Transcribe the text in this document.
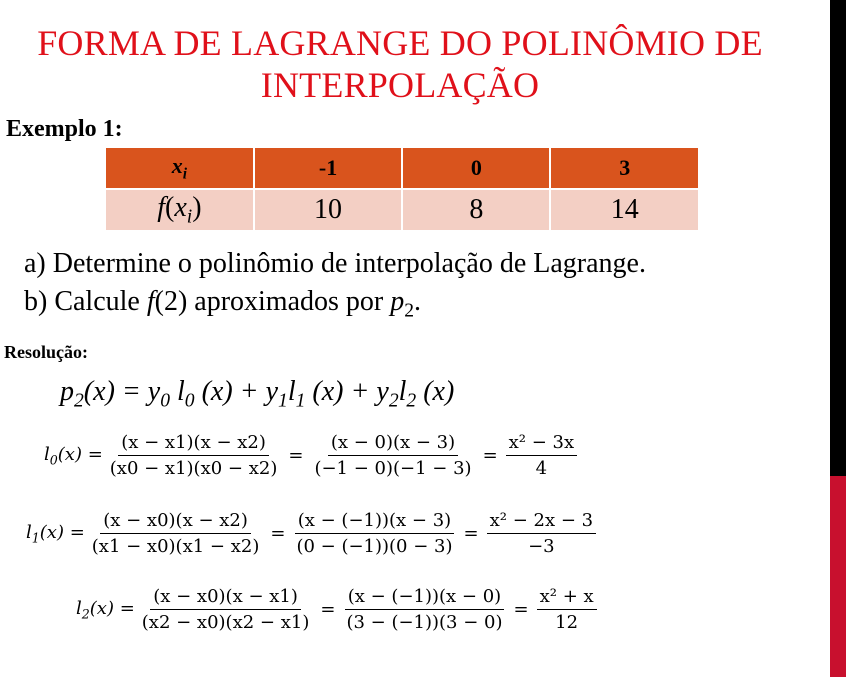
FORMA DE LAGRANGE DO POLINÔMIO DE INTERPOLAÇÃO
Exemplo 1:
$x_i$	-1	0	3
$f(x_i)$	10	8	14
a) Determine o polinômio de interpolação de Lagrange.
b) Calcule f(2) aproximados por $p_2$.
Resolução:
$p_2(x) = y_0$ $l_0$ $(x) + y_1l_1$ $(x) + y_2l_2$ (x)
$l_0(x) = \frac{(x - x1)(x - x2)}{(x0 - x1)(x0 - x2)} = \frac{(x - 0)(x - 3)}{(-1 - 0)(-1 - 3)} = \frac{\text{x² − 3x}}{4}$
$l_1(x) = \frac{(x - x0)(x - x2)}{(x1 - x0)(x1 - x2)} = \frac{(x - (-1))(x - 3)}{(0 - (-1))(0 - 3)} = \frac{\text{x² − 2x − 3}}{-3}$
$l_2(x) = \frac{(x - x0)(x - x1)}{(x2 - x0)(x2 - x1)} = \frac{(x - (-1))(x - 0)}{(3 - (-1))(3 - 0)} = \frac{\text{x² + x}}{12}$
